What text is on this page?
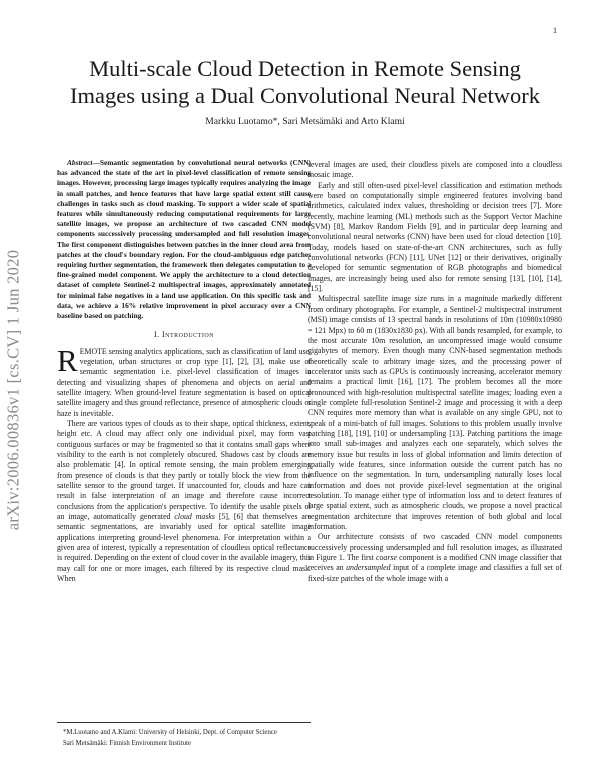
1
arXiv:2006.00836v1 [cs.CV] 1 Jun 2020
Multi-scale Cloud Detection in Remote Sensing
Images using a Dual Convolutional Neural Network
Markku Luotamo*, Sari Metsämäki and Arto Klami

Abstract—Semantic segmentation by convolutional neural networks (CNN) has advanced the state of the art in pixel-level classification of remote sensing images. However, processing large images typically requires analyzing the image in small patches, and hence features that have large spatial extent still cause challenges in tasks such as cloud masking. To support a wider scale of spatial features while simultaneously reducing computational requirements for large satellite images, we propose an architecture of two cascaded CNN model components successively processing undersampled and full resolution images. The first component distinguishes between patches in the inner cloud area from patches at the cloud's boundary region. For the cloud-ambiguous edge patches requiring further segmentation, the framework then delegates computation to a fine-grained model component. We apply the architecture to a cloud detection dataset of complete Sentinel-2 multispectral images, approximately annotated for minimal false negatives in a land use application. On this specific task and data, we achieve a 16% relative improvement in pixel accuracy over a CNN baseline based on patching.

I. Introduction

REMOTE sensing analytics applications, such as classification of land use, vegetation, urban structures or crop type [1], [2], [3], make use of semantic segmentation i.e. pixel-level classification of images in detecting and visualizing shapes of phenomena and objects on aerial and satellite imagery. When ground-level feature segmentation is based on optical satellite imagery and thus ground reflectance, presence of atmospheric clouds or haze is inevitable.

There are various types of clouds as to their shape, optical thickness, extent, height etc. A cloud may affect only one individual pixel, may form vast contiguous surfaces or may be fragmented so that it contains small gaps where visibility to the earth is not completely obscured. Shadows cast by clouds are also problematic [4]. In optical remote sensing, the main problem emerging from presence of clouds is that they partly or totally block the view from the satellite sensor to the ground target. If unaccounted for, clouds and haze can result in false interpretation of an image and therefore cause incorrect conclusions from the application's perspective. To identify the usable pixels of an image, automatically generated cloud masks [5], [6] that themselves are semantic segmentations, are invariably used for optical satellite image applications interpreting ground-level phenomena. For interpretation within a given area of interest, typically a representation of cloudless optical reflectance is required. Depending on the extent of cloud cover in the available imagery, this may call for one or more images, each filtered by its respective cloud mask. When

*M.Luotamo and A.Klami: University of Helsinki, Dept. of Computer Science
Sari Metsämäki: Finnish Environment Institute

several images are used, their cloudless pixels are composed into a cloudless mosaic image.

Early and still often-used pixel-level classification and estimation methods were based on computationally simple engineered features involving band arithmetics, calculated index values, thresholding or decision trees [7]. More recently, machine learning (ML) methods such as the Support Vector Machine (SVM) [8], Markov Random Fields [9], and in particular deep learning and convolutional neural networks (CNN) have been used for cloud detection [10]. Today, models based on state-of-the-art CNN architectures, such as fully convolutional networks (FCN) [11], UNet [12] or their derivatives, originally developed for semantic segmentation of RGB photographs and biomedical images, are increasingly being used also for remote sensing [13], [10], [14], [15].

Multispectral satellite image size runs in a magnitude markedly different from ordinary photographs. For example, a Sentinel-2 multispectral instrument (MSI) image consists of 13 spectral bands in resolutions of 10m (10980x10980 = 121 Mpx) to 60 m (1830x1830 px). With all bands resampled, for example, to the most accurate 10m resolution, an uncompressed image would consume gigabytes of memory. Even though many CNN-based segmentation methods theoretically scale to arbitrary image sizes, and the processing power of accelerator units such as GPUs is continuously increasing, accelerator memory remains a practical limit [16], [17]. The problem becomes all the more pronounced with high-resolution multispectral satellite images; loading even a single complete full-resolution Sentinel-2 image and processing it with a deep CNN requires more memory than what is available on any single GPU, not to speak of a mini-batch of full images. Solutions to this problem usually involve patching [18], [19], [10] or undersampling [13]. Patching partitions the image into small sub-images and analyzes each one separately, which solves the memory issue but results in loss of global information and limits detection of spatially wide features, since information outside the current patch has no influence on the segmentation. In turn, undersampling naturally loses local information and does not provide pixel-level segmentation at the original resolution. To manage either type of information loss and to detect features of large spatial extent, such as atmospheric clouds, we propose a novel practical segmentation architecture that improves retention of both global and local information.

Our architecture consists of two cascaded CNN model components successively processing undersampled and full resolution images, as illustrated in Figure 1. The first coarse component is a modified CNN image classifier that receives an undersampled input of a complete image and classifies a full set of fixed-size patches of the whole image with a
